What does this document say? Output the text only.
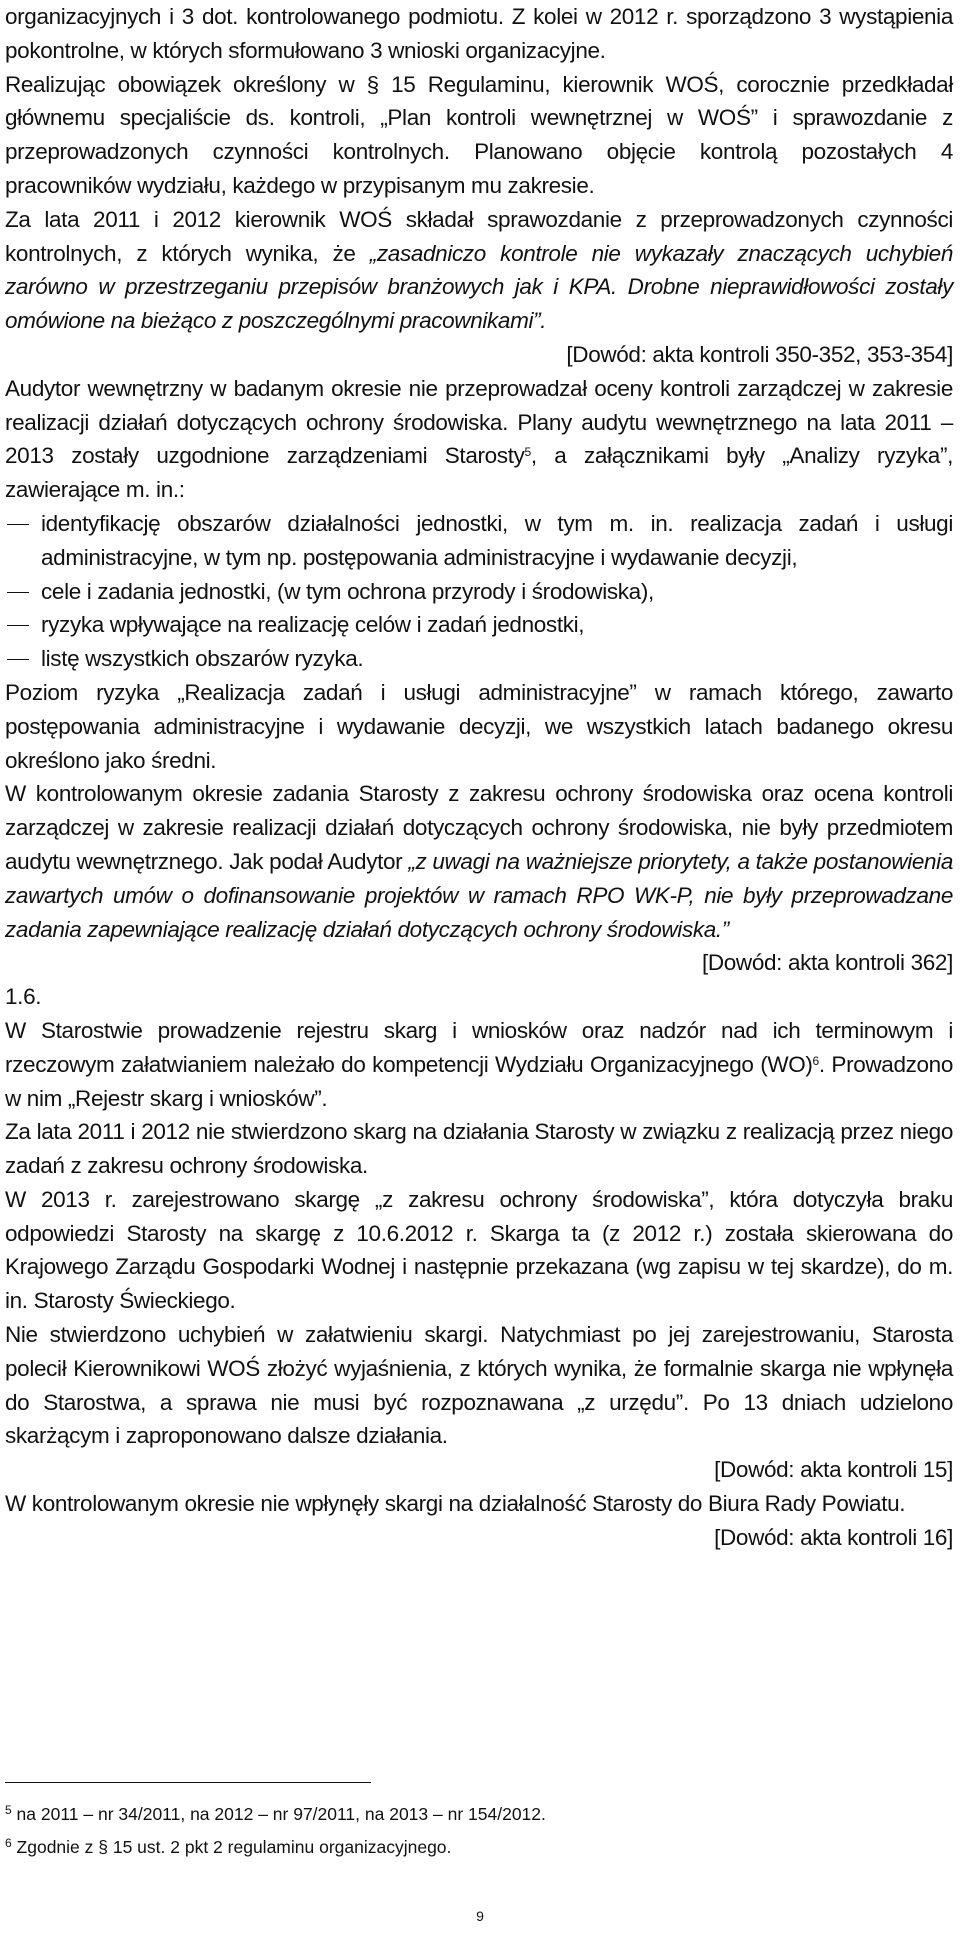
organizacyjnych i 3 dot. kontrolowanego podmiotu. Z kolei w 2012 r. sporządzono 3 wystąpienia pokontrolne, w których sformułowano 3 wnioski organizacyjne.

Realizując obowiązek określony w § 15 Regulaminu, kierownik WOŚ, corocznie przedkładał głównemu specjaliście ds. kontroli, „Plan kontroli wewnętrznej w WOŚ” i sprawozdanie z przeprowadzonych czynności kontrolnych. Planowano objęcie kontrolą pozostałych 4 pracowników wydziału, każdego w przypisanym mu zakresie.

Za lata 2011 i 2012 kierownik WOŚ składał sprawozdanie z przeprowadzonych czynności kontrolnych, z których wynika, że „zasadniczo kontrole nie wykazały znaczących uchybień zarówno w przestrzeganiu przepisów branżowych jak i KPA. Drobne nieprawidłowości zostały omówione na bieżąco z poszczególnymi pracownikami”.

[Dowód: akta kontroli 350-352, 353-354]

Audytor wewnętrzny w badanym okresie nie przeprowadzał oceny kontroli zarządczej w zakresie realizacji działań dotyczących ochrony środowiska. Plany audytu wewnętrznego na lata 2011 – 2013 zostały uzgodnione zarządzeniami Starosty$^5$, a załącznikami były „Analizy ryzyka”, zawierające m. in.:

identyfikację obszarów działalności jednostki, w tym m. in. realizacja zadań i usługi administracyjne, w tym np. postępowania administracyjne i wydawanie decyzji,
cele i zadania jednostki, (w tym ochrona przyrody i środowiska),
ryzyka wpływające na realizację celów i zadań jednostki,
listę wszystkich obszarów ryzyka.

Poziom ryzyka „Realizacja zadań i usługi administracyjne” w ramach którego, zawarto postępowania administracyjne i wydawanie decyzji, we wszystkich latach badanego okresu określono jako średni.

W kontrolowanym okresie zadania Starosty z zakresu ochrony środowiska oraz ocena kontroli zarządczej w zakresie realizacji działań dotyczących ochrony środowiska, nie były przedmiotem audytu wewnętrznego. Jak podał Audytor „z uwagi na ważniejsze priorytety, a także postanowienia zawartych umów o dofinansowanie projektów w ramach RPO WK-P, nie były przeprowadzane zadania zapewniające realizację działań dotyczących ochrony środowiska.”

[Dowód: akta kontroli 362]

1.6.

W Starostwie prowadzenie rejestru skarg i wniosków oraz nadzór nad ich terminowym i rzeczowym załatwianiem należało do kompetencji Wydziału Organizacyjnego (WO)$^6$. Prowadzono w nim „Rejestr skarg i wniosków”.

Za lata 2011 i 2012 nie stwierdzono skarg na działania Starosty w związku z realizacją przez niego zadań z zakresu ochrony środowiska.

W 2013 r. zarejestrowano skargę „z zakresu ochrony środowiska”, która dotyczyła braku odpowiedzi Starosty na skargę z 10.6.2012 r. Skarga ta (z 2012 r.) została skierowana do Krajowego Zarządu Gospodarki Wodnej i następnie przekazana (wg zapisu w tej skardze), do m. in. Starosty Świeckiego.

Nie stwierdzono uchybień w załatwieniu skargi. Natychmiast po jej zarejestrowaniu, Starosta polecił Kierownikowi WOŚ złożyć wyjaśnienia, z których wynika, że formalnie skarga nie wpłynęła do Starostwa, a sprawa nie musi być rozpoznawana „z urzędu”. Po 13 dniach udzielono skarżącym i zaproponowano dalsze działania.

[Dowód: akta kontroli 15]

W kontrolowanym okresie nie wpłynęły skargi na działalność Starosty do Biura Rady Powiatu.

[Dowód: akta kontroli 16]

$^5$ na 2011 – nr 34/2011, na 2012 – nr 97/2011, na 2013 – nr 154/2012.

$^6$ Zgodnie z § 15 ust. 2 pkt 2 regulaminu organizacyjnego.

9
